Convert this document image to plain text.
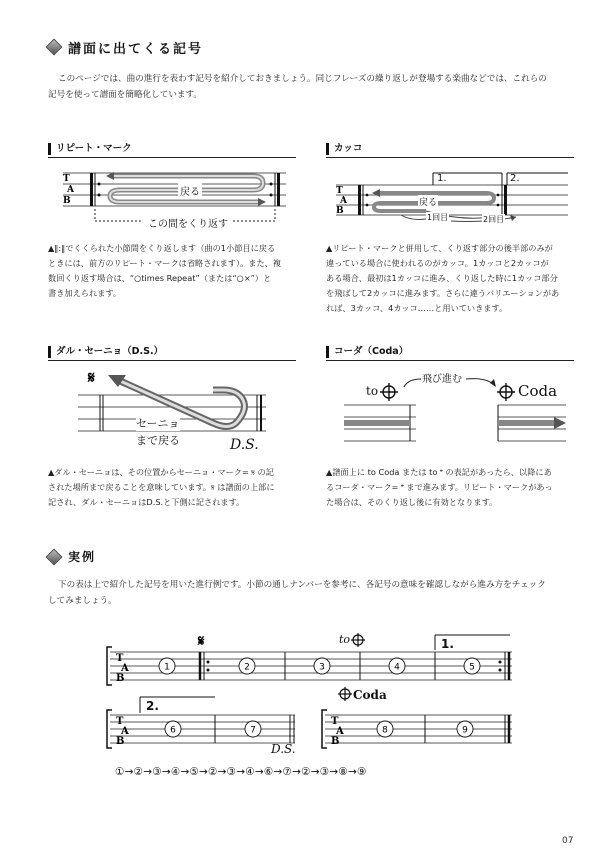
譜面に出てくる記号
このページでは、曲の進行を表わす記号を紹介しておきましょう。同じフレーズの繰り返しが登場する楽曲などでは、これらの
記号を使って譜面を簡略化しています。
リピート・マーク
T
A
B
戻る
この間をくり返す
▲‖:‖でくくられた小節間をくり返します（曲の1小節目に戻る
ときには、前方のリピート・マークは省略されます）。また、複
数回くり返す場合は、“○times Repeat”（または“○×”）と
書き加えられます。
カッコ
T
A
B
1.	2.
戻る
1回目	2回目
▲リピート・マークと併用して、くり返す部分の後半部のみが
違っている場合に使われるのがカッコ。1カッコと2カッコが
ある場合、最初は1カッコに進み、くり返した時に1カッコ部分
を飛ばして2カッコに進みます。さらに違うバリエーションがあ
れば、3カッコ、4カッコ……と用いていきます。
ダル・セーニョ（D.S.）
𝄋
セーニョ
まで戻る	D.S.
▲ダル・セーニョは、その位置からセーニョ・マーク= 𝄋 の記
された場所まで戻ることを意味しています。𝄋 は譜面の上部に
記され、ダル・セーニョはD.S.と下側に記されます。
コーダ（Coda）
to
飛び進む
Coda
▲譜面上に to Coda または to 𝄌 の表記があったら、以降にあ
るコーダ・マーク= 𝄌 まで進みます。リピート・マークがあっ
た場合は、そのくり返し後に有効となります。
実例
下の表は上で紹介した記号を用いた進行例です。小節の通しナンバーを参考に、各記号の意味を確認しながら進み方をチェック
してみましょう。
T
A
B
𝄋
T
A
B
T
A
B
1	2	3	4	5
6	7	8	9
to	1.
2.
Coda
D.S.
①→②→③→④→⑤→②→③→④→⑥→⑦→②→③→⑧→⑨
07
